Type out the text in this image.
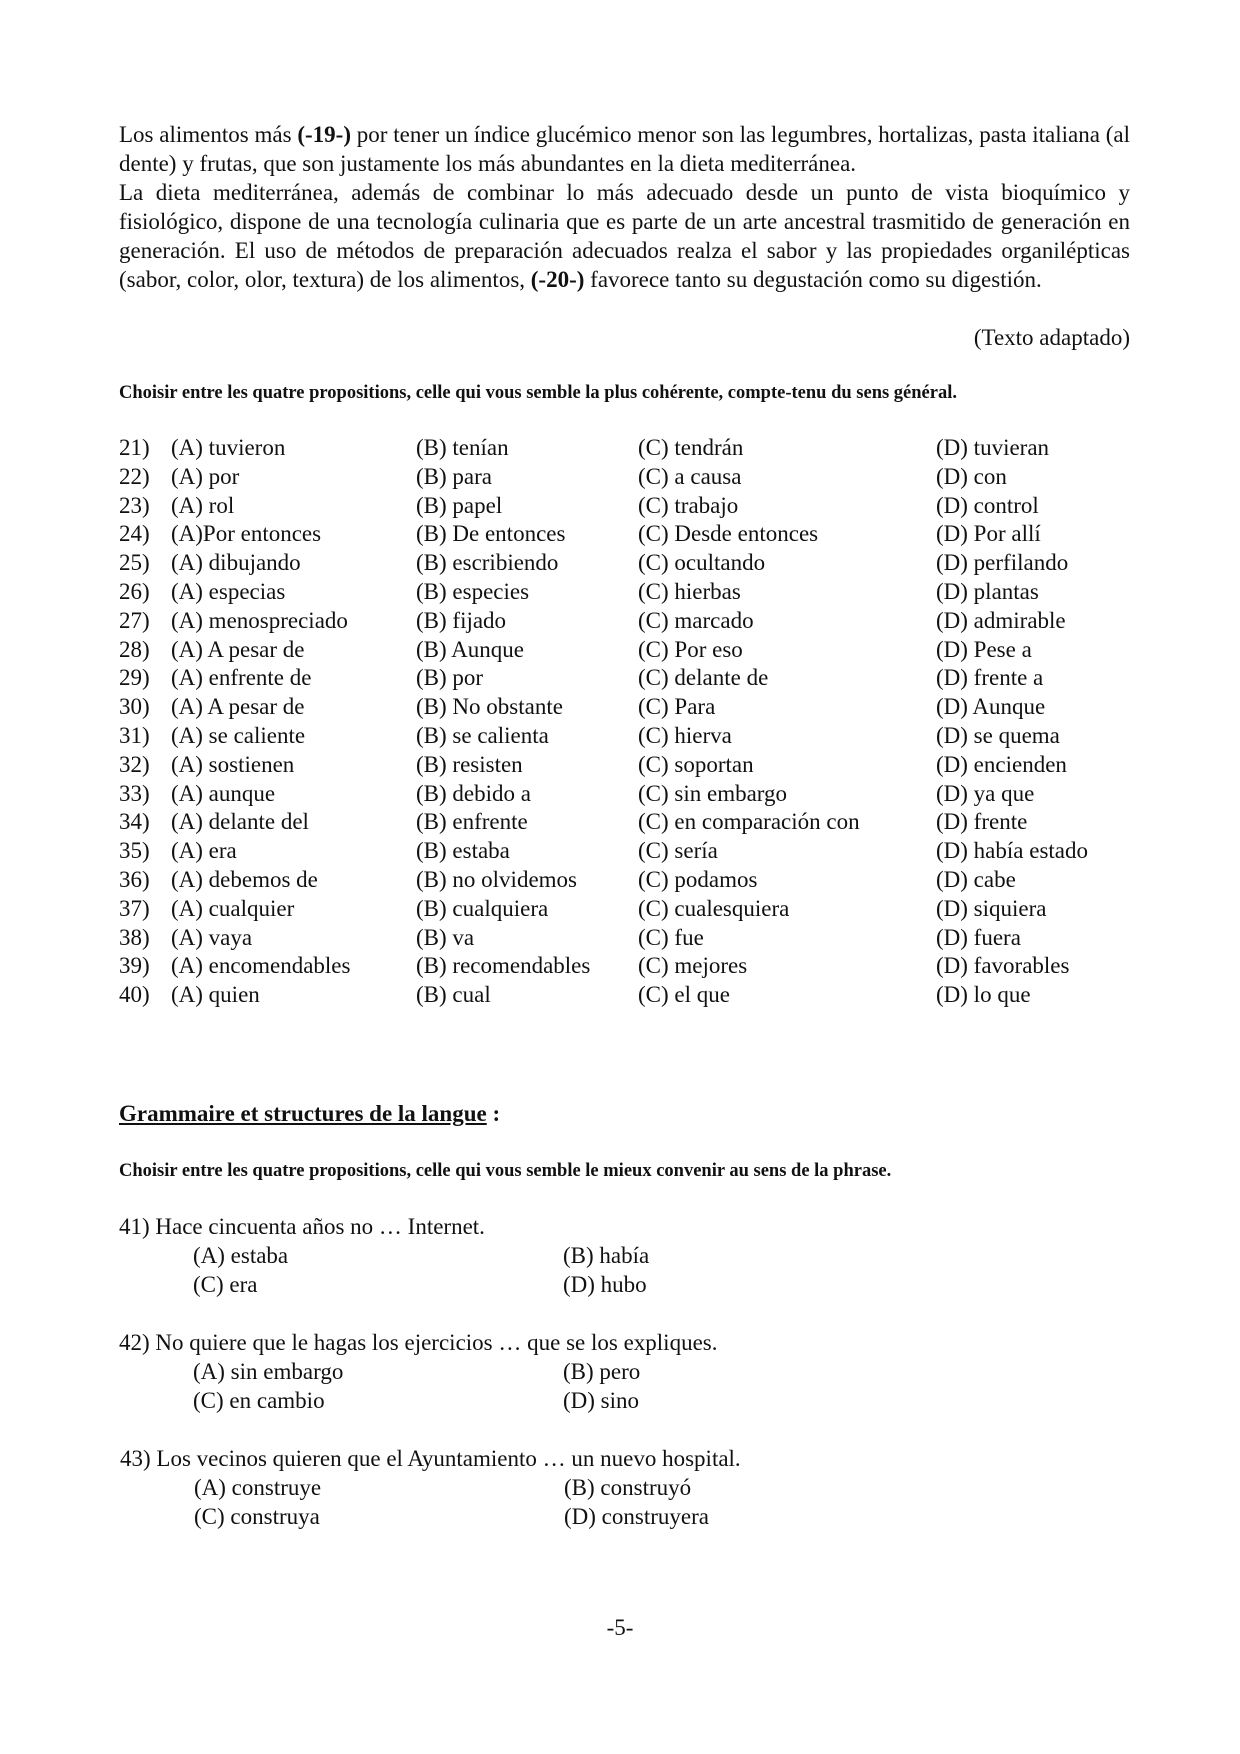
Los alimentos más (-19-) por tener un índice glucémico menor son las legumbres, hortalizas, pasta italiana (al dente) y frutas, que son justamente los más abundantes en la dieta mediterránea.

La dieta mediterránea, además de combinar lo más adecuado desde un punto de vista bioquímico y fisiológico, dispone de una tecnología culinaria que es parte de un arte ancestral trasmitido de generación en generación. El uso de métodos de preparación adecuados realza el sabor y las propiedades organilépticas (sabor, color, olor, textura) de los alimentos, (-20-) favorece tanto su degustación como su digestión.

(Texto adaptado)
Choisir entre les quatre propositions, celle qui vous semble la plus cohérente, compte-tenu du sens général.
21) (A) tuvieron	(B) tenían	(C) tendrán	(D) tuvieran
22) (A) por	(B) para	(C) a causa	(D) con
23) (A) rol	(B) papel	(C) trabajo	(D) control
24) (A)Por entonces	(B) De entonces	(C) Desde entonces	(D) Por allí
25) (A) dibujando	(B) escribiendo	(C) ocultando	(D) perfilando
26) (A) especias	(B) especies	(C) hierbas	(D) plantas
27) (A) menospreciado	(B) fijado	(C) marcado	(D) admirable
28) (A) A pesar de	(B) Aunque	(C) Por eso	(D) Pese a
29) (A) enfrente de	(B) por	(C) delante de	(D) frente a
30) (A) A pesar de	(B) No obstante	(C) Para	(D) Aunque
31) (A) se caliente	(B) se calienta	(C) hierva	(D) se quema
32) (A) sostienen	(B) resisten	(C) soportan	(D) encienden
33) (A) aunque	(B) debido a	(C) sin embargo	(D) ya que
34) (A) delante del	(B) enfrente	(C) en comparación con	(D) frente
35) (A) era	(B) estaba	(C) sería	(D) había estado
36) (A) debemos de	(B) no olvidemos	(C) podamos	(D) cabe
37) (A) cualquier	(B) cualquiera	(C) cualesquiera	(D) siquiera
38) (A) vaya	(B) va	(C) fue	(D) fuera
39) (A) encomendables	(B) recomendables (C) mejores	(D) favorables
40) (A) quien	(B) cual	(C) el que	(D) lo que
Grammaire et structures de la langue :
Choisir entre les quatre propositions, celle qui vous semble le mieux convenir au sens de la phrase.
41) Hace cincuenta años no … Internet.
(A) estaba	(B) había
(C) era	(D) hubo
42) No quiere que le hagas los ejercicios … que se los expliques.
(A) sin embargo	(B) pero
(C) en cambio	(D) sino
43) Los vecinos quieren que el Ayuntamiento … un nuevo hospital.
(A) construye	(B) construyó
(C) construya	(D) construyera
-5-
